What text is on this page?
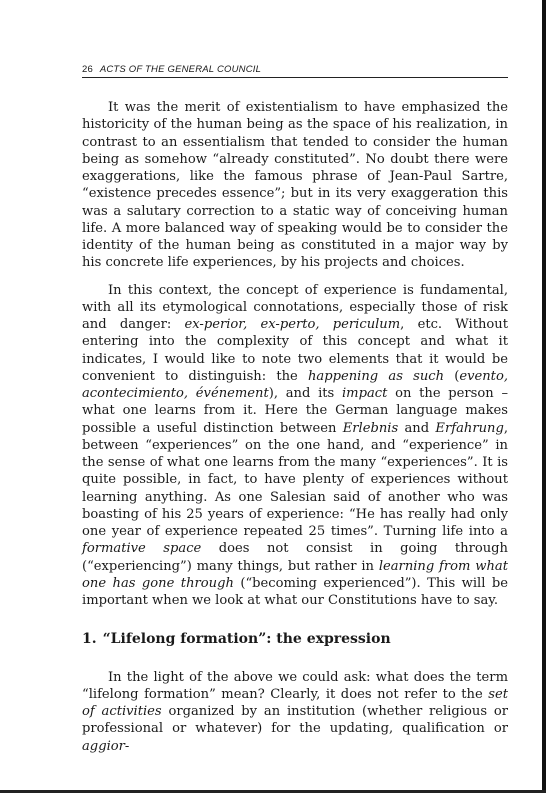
26 ACTS OF THE GENERAL COUNCIL

It was the merit of existentialism to have emphasized the historicity of the human being as the space of his realization, in contrast to an essentialism that tended to consider the human being as somehow “already constituted”. No doubt there were exaggerations, like the famous phrase of Jean-Paul Sartre, “existence precedes essence”; but in its very exaggeration this was a salutary correction to a static way of conceiving human life. A more balanced way of speaking would be to consider the identity of the human being as constituted in a major way by his concrete life experiences, by his projects and choices.

In this context, the concept of experience is fundamental, with all its etymological connotations, especially those of risk and danger: ex-perior, ex-perto, periculum, etc. Without entering into the complexity of this concept and what it indicates, I would like to note two elements that it would be convenient to distinguish: the happening as such (evento, acontecimiento, événement), and its impact on the person – what one learns from it. Here the German language makes possible a useful distinction between Erlebnis and Erfahrung, between “experiences” on the one hand, and “experience” in the sense of what one learns from the many “experiences”. It is quite possible, in fact, to have plenty of experiences without learning anything. As one Salesian said of another who was boasting of his 25 years of experience: “He has really had only one year of experience repeated 25 times”. Turning life into a formative space does not consist in going through (“experiencing”) many things, but rather in learning from what one has gone through (“becoming experienced”). This will be important when we look at what our Constitutions have to say.

1. “Lifelong formation”: the expression

In the light of the above we could ask: what does the term “lifelong formation” mean? Clearly, it does not refer to the set of activities organized by an institution (whether religious or professional or whatever) for the updating, qualification or aggior-
